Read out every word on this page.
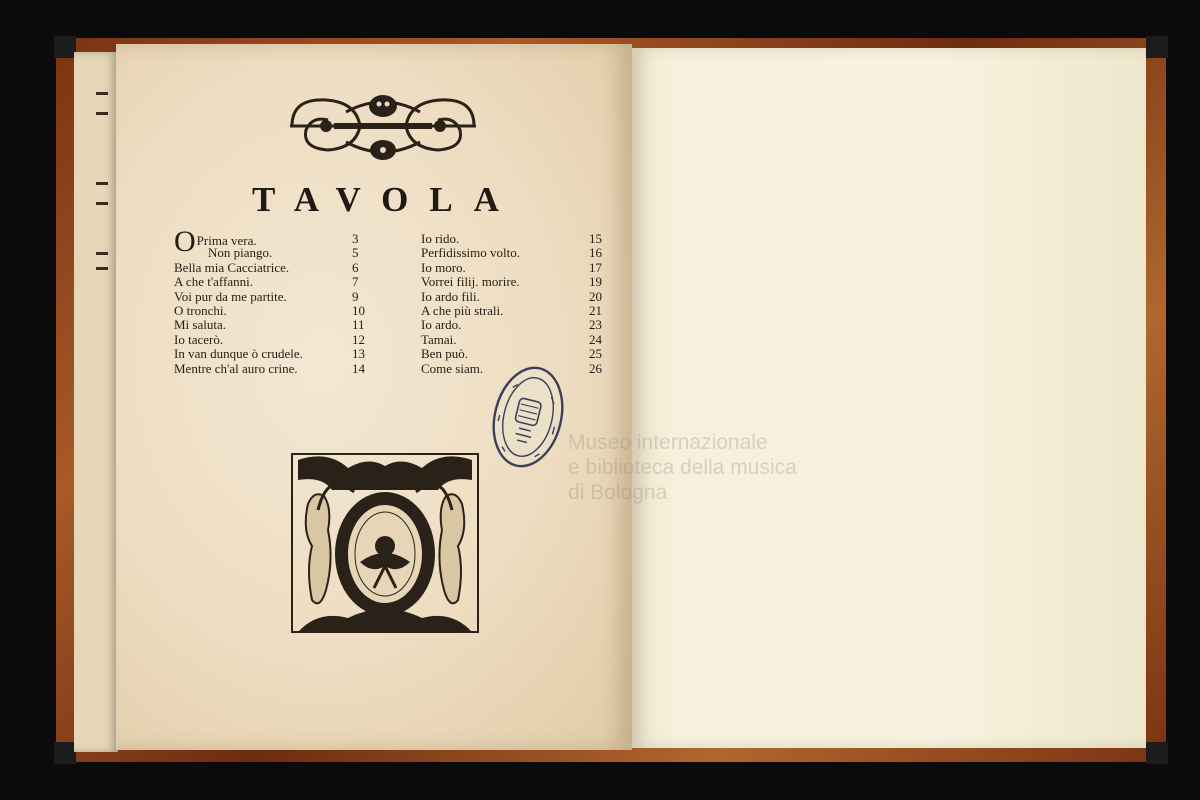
Museo internazionale
e biblioteca della musica
di Bologna
TAVOLA
OPrima vera.	3
Non piango.	5
Bella mia Cacciatrice.	6
A che t'affanni.	7
Voi pur da me partite.	9
O tronchi.	10
Mi saluta.	11
Io tacerò.	12
In van dunque ò crudele.	13
Mentre ch'al auro crine.	14
Io rido.	15
Perfidissimo volto.	16
Io moro.	17
Vorrei filij. morire.	19
Io ardo fili.	20
A che più strali.	21
Io ardo.	23
Tamai.	24
Ben può.	25
Come siam.	26
